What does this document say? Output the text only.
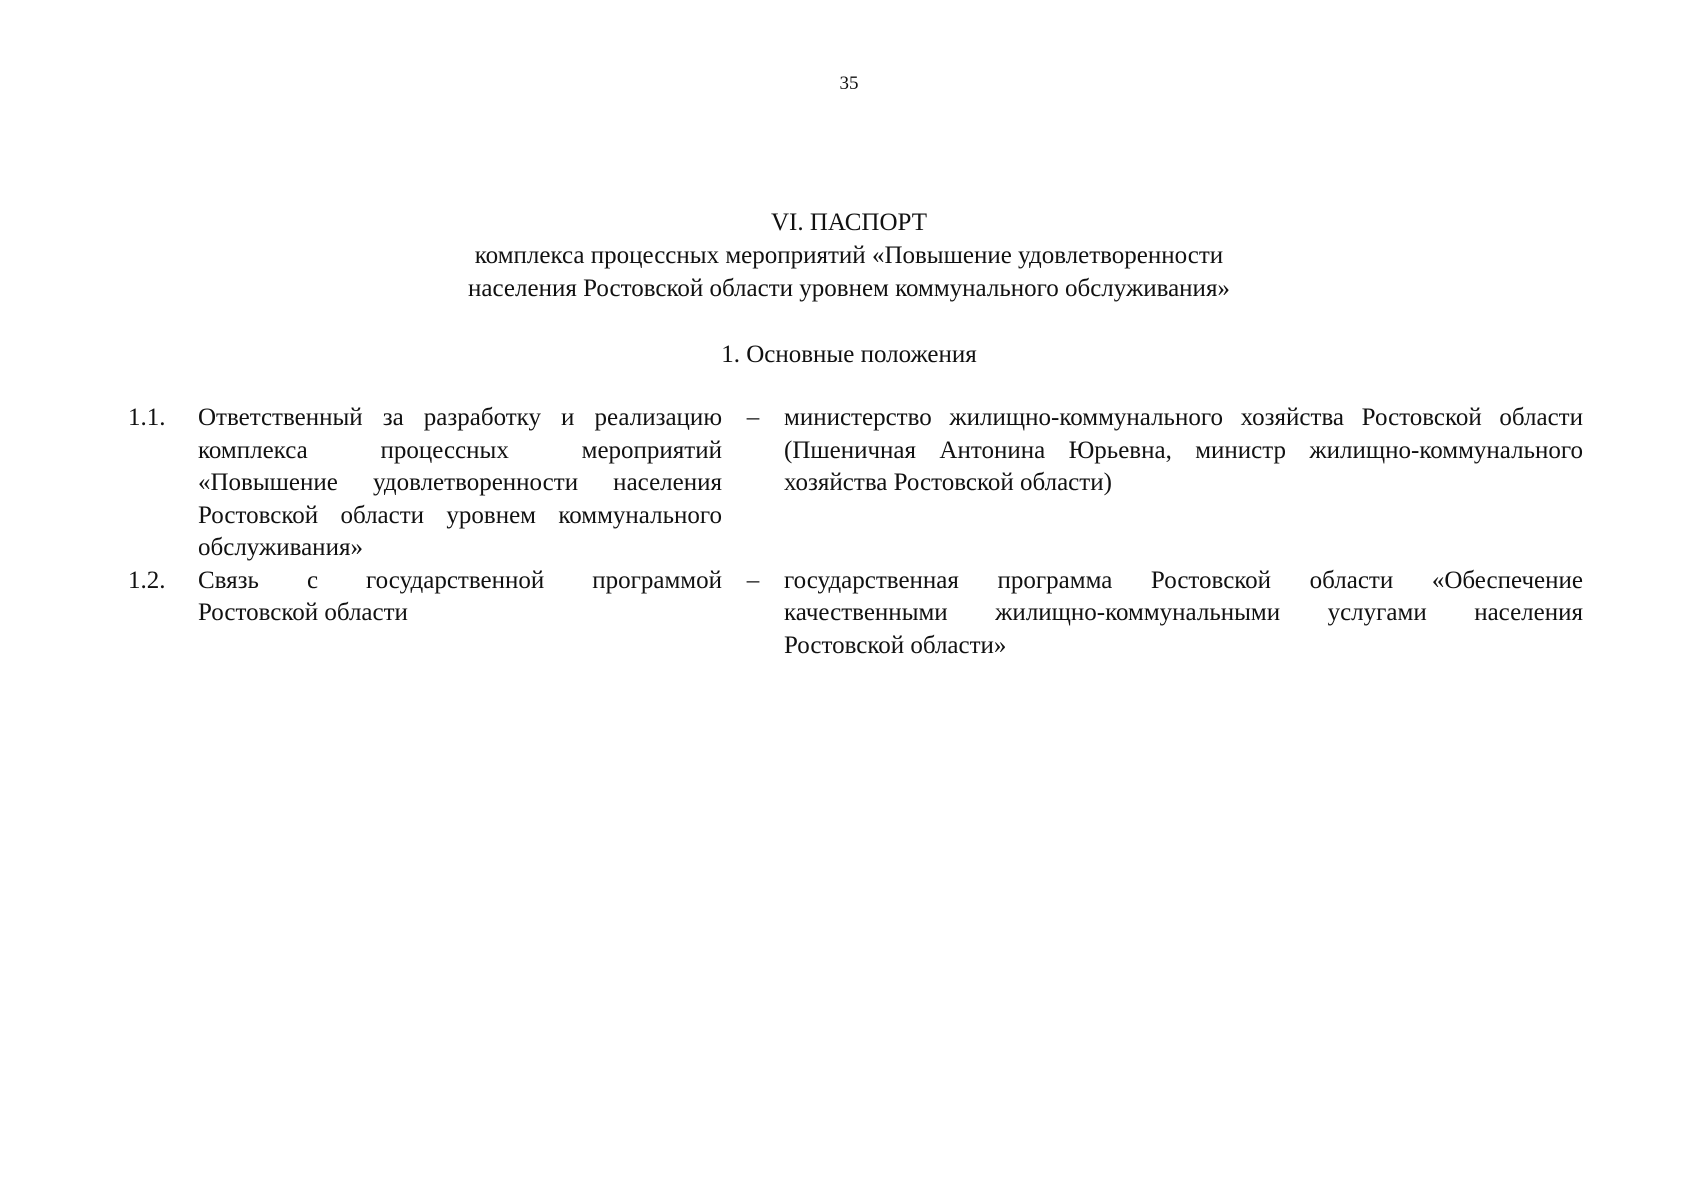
35
VI. ПАСПОРТ
комплекса процессных мероприятий «Повышение удовлетворенности
населения Ростовской области уровнем коммунального обслуживания»
1. Основные положения
1.1.	Ответственный за разработку и реализацию комплекса процессных мероприятий «Повышение удовлетворенности населения Ростовской области уровнем коммунального обслуживания»
– министерство жилищно-коммунального хозяйства Ростовской области (Пшеничная Антонина Юрьевна, министр жилищно-коммунального хозяйства Ростовской области)
1.2.	Связь с государственной программой Ростовской области
– государственная программа Ростовской области «Обеспечение качественными жилищно-коммунальными услугами населения Ростовской области»
